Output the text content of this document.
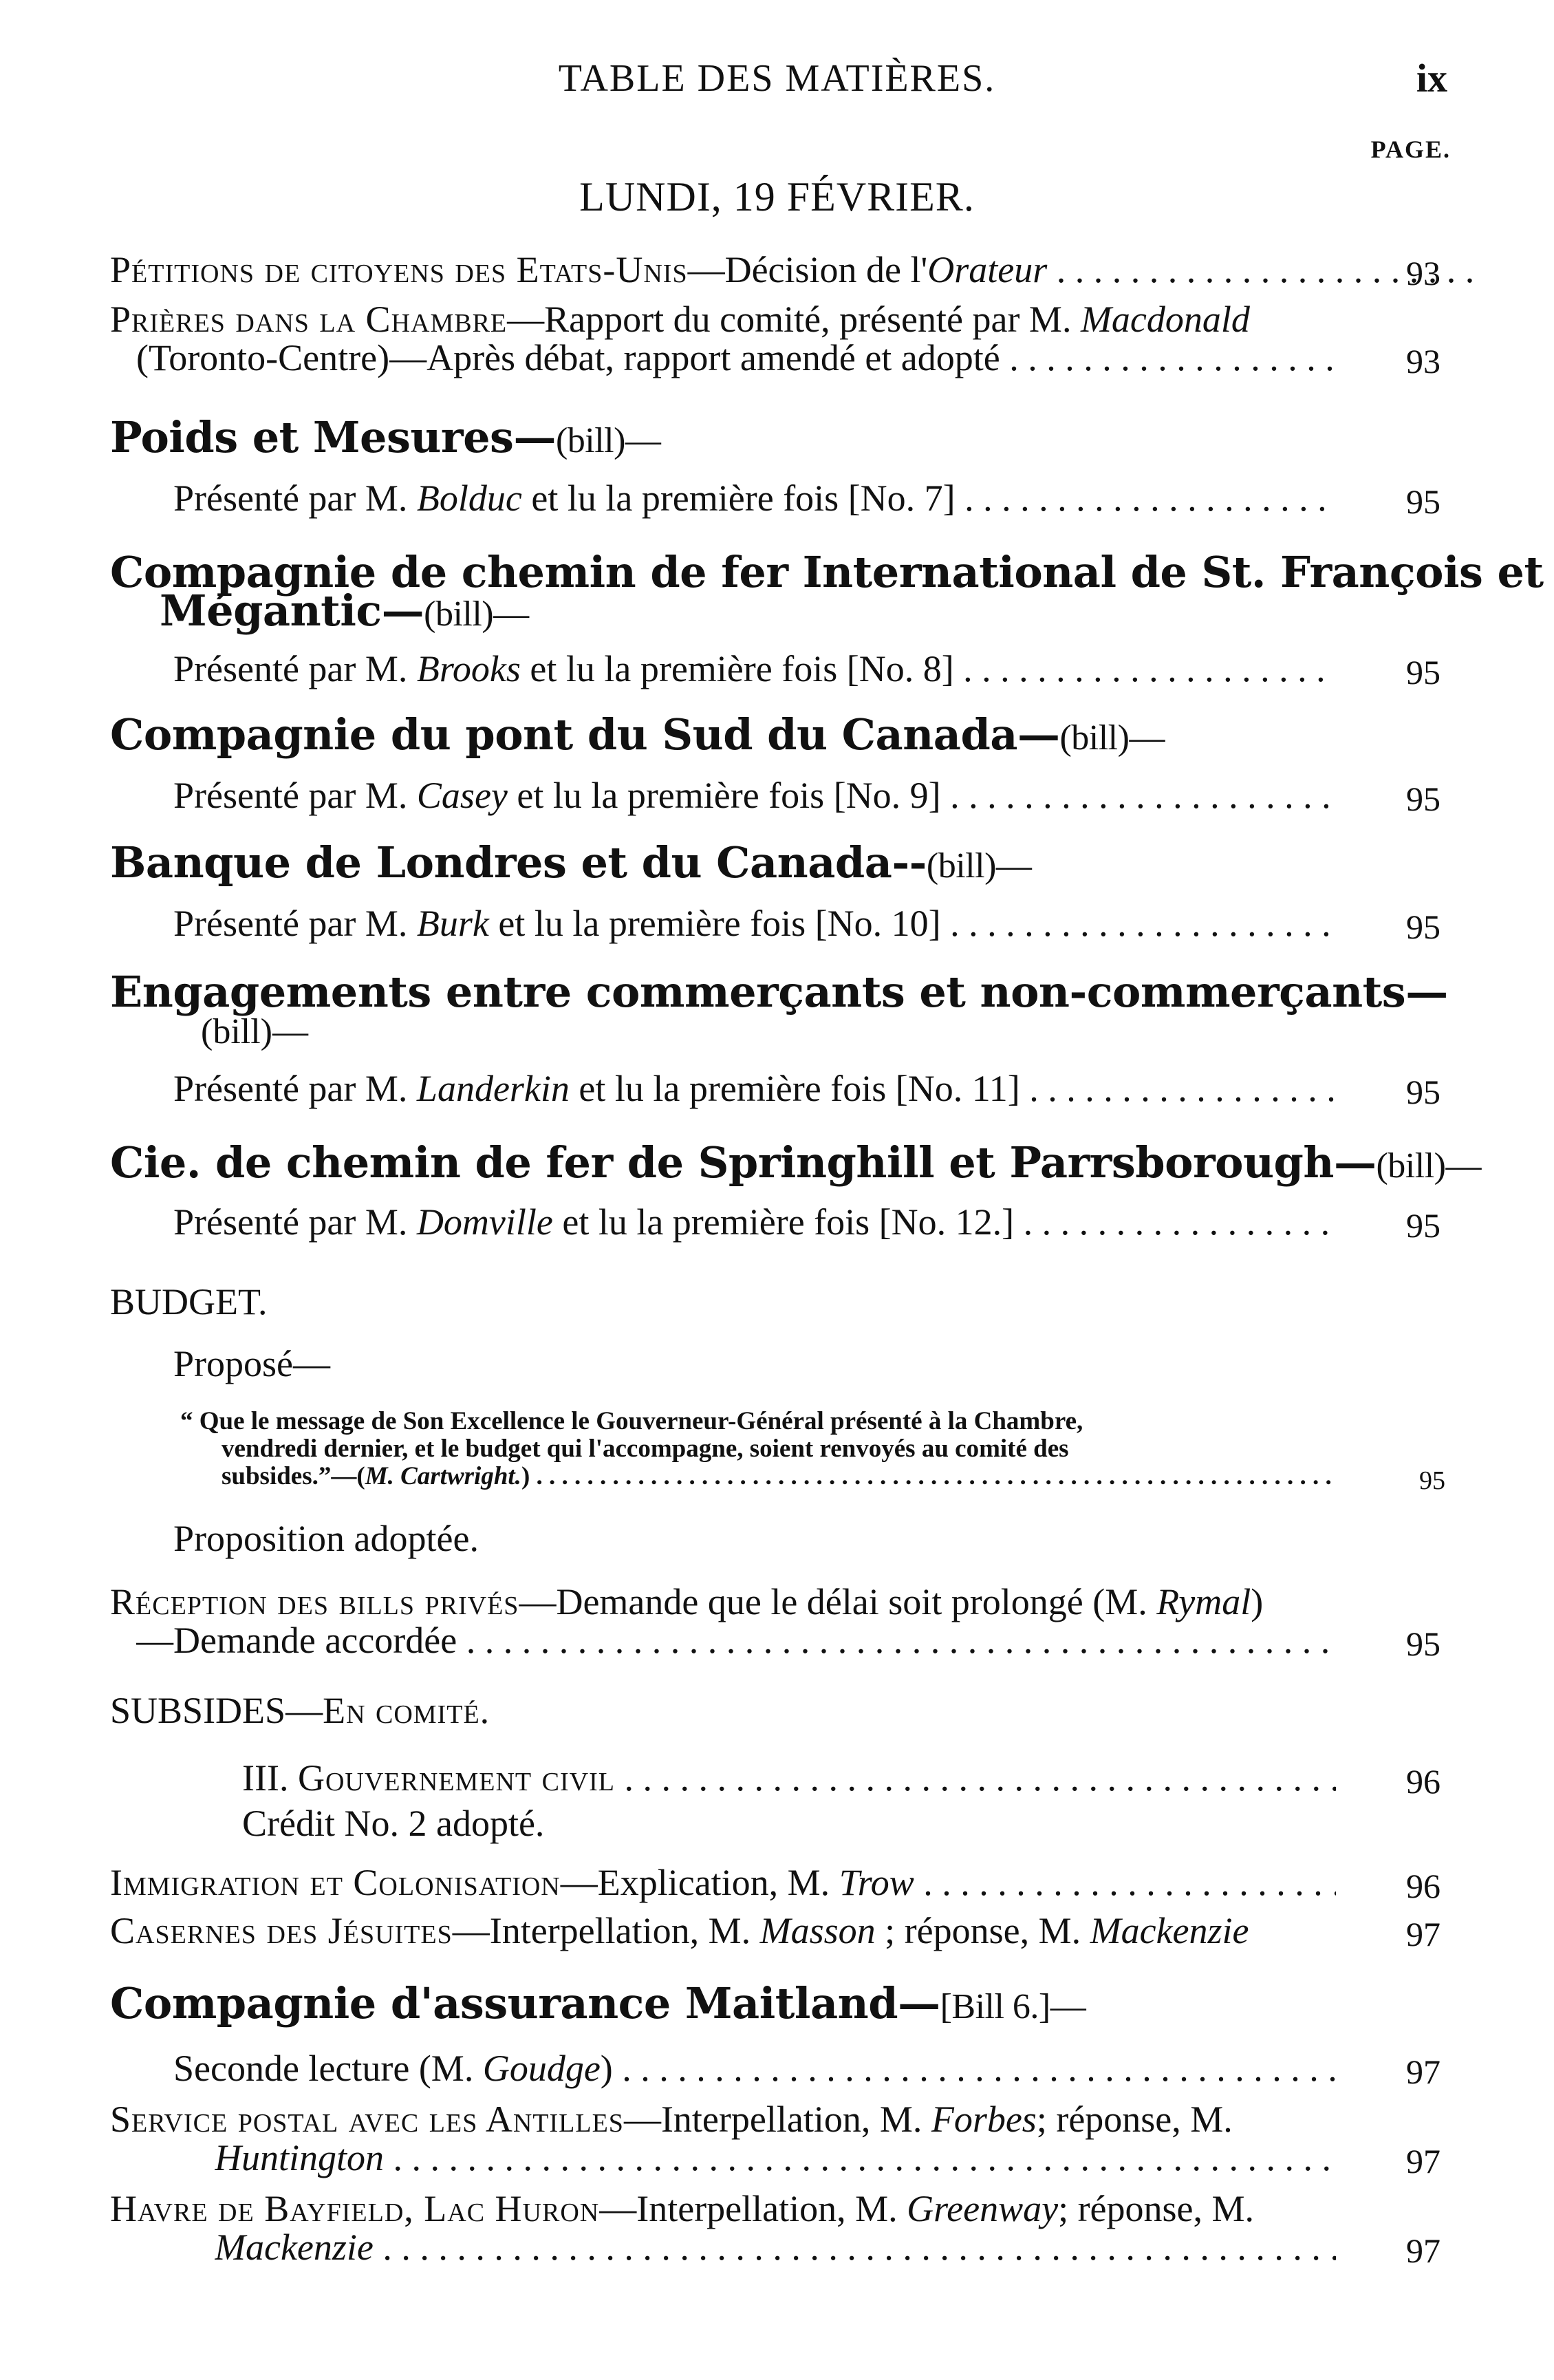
TABLE DES MATIÈRES.	ix
PAGE.
LUNDI, 19 FÉVRIER.
Pétitions de citoyens des Etats-Unis—Décision de l'Orateur . . .	93
Prières dans la Chambre—Rapport du comité, présenté par M. Macdonald
(Toronto-Centre)—Après débat, rapport amendé et adopté . . .	93
Poids et Mesures—(bill)—
Présenté par M. Bolduc et lu la première fois [No. 7] . . .	95
Compagnie de chemin de fer International de St. François et
Mégantic—(bill)—
Présenté par M. Brooks et lu la première fois [No. 8] . . .	95
Compagnie du pont du Sud du Canada—(bill)—
Présenté par M. Casey et lu la première fois [No. 9] . . .	95
Banque de Londres et du Canada--(bill)—
Présenté par M. Burk et lu la première fois [No. 10] . . .	95
Engagements entre commerçants et non-commerçants—
(bill)—
Présenté par M. Landerkin et lu la première fois [No. 11] . . .	95
Cie. de chemin de fer de Springhill et Parrsborough—(bill)—
Présenté par M. Domville et lu la première fois [No. 12.] . . .	95
BUDGET.
Proposé—
“ Que le message de Son Excellence le Gouverneur-Général présenté à la Chambre,
vendredi dernier, et le budget qui l'accompagne, soient renvoyés au comité des
subsides.”—(M. Cartwright.) . . .	95
Proposition adoptée.
Réception des bills privés—Demande que le délai soit prolongé (M. Rymal)
—Demande accordée . . .	95
SUBSIDES—En comité.
III. Gouvernement civil . . .	96
Crédit No. 2 adopté.
Immigration et Colonisation—Explication, M. Trow . . .	96
Casernes des Jésuites—Interpellation, M. Masson ; réponse, M. Mackenzie	97
Compagnie d'assurance Maitland—[Bill 6.]—
Seconde lecture (M. Goudge) . . .	97
Service postal avec les Antilles—Interpellation, M. Forbes; réponse, M.
Huntington . . .	97
Havre de Bayfield, Lac Huron—Interpellation, M. Greenway; réponse, M.
Mackenzie . . .	97
